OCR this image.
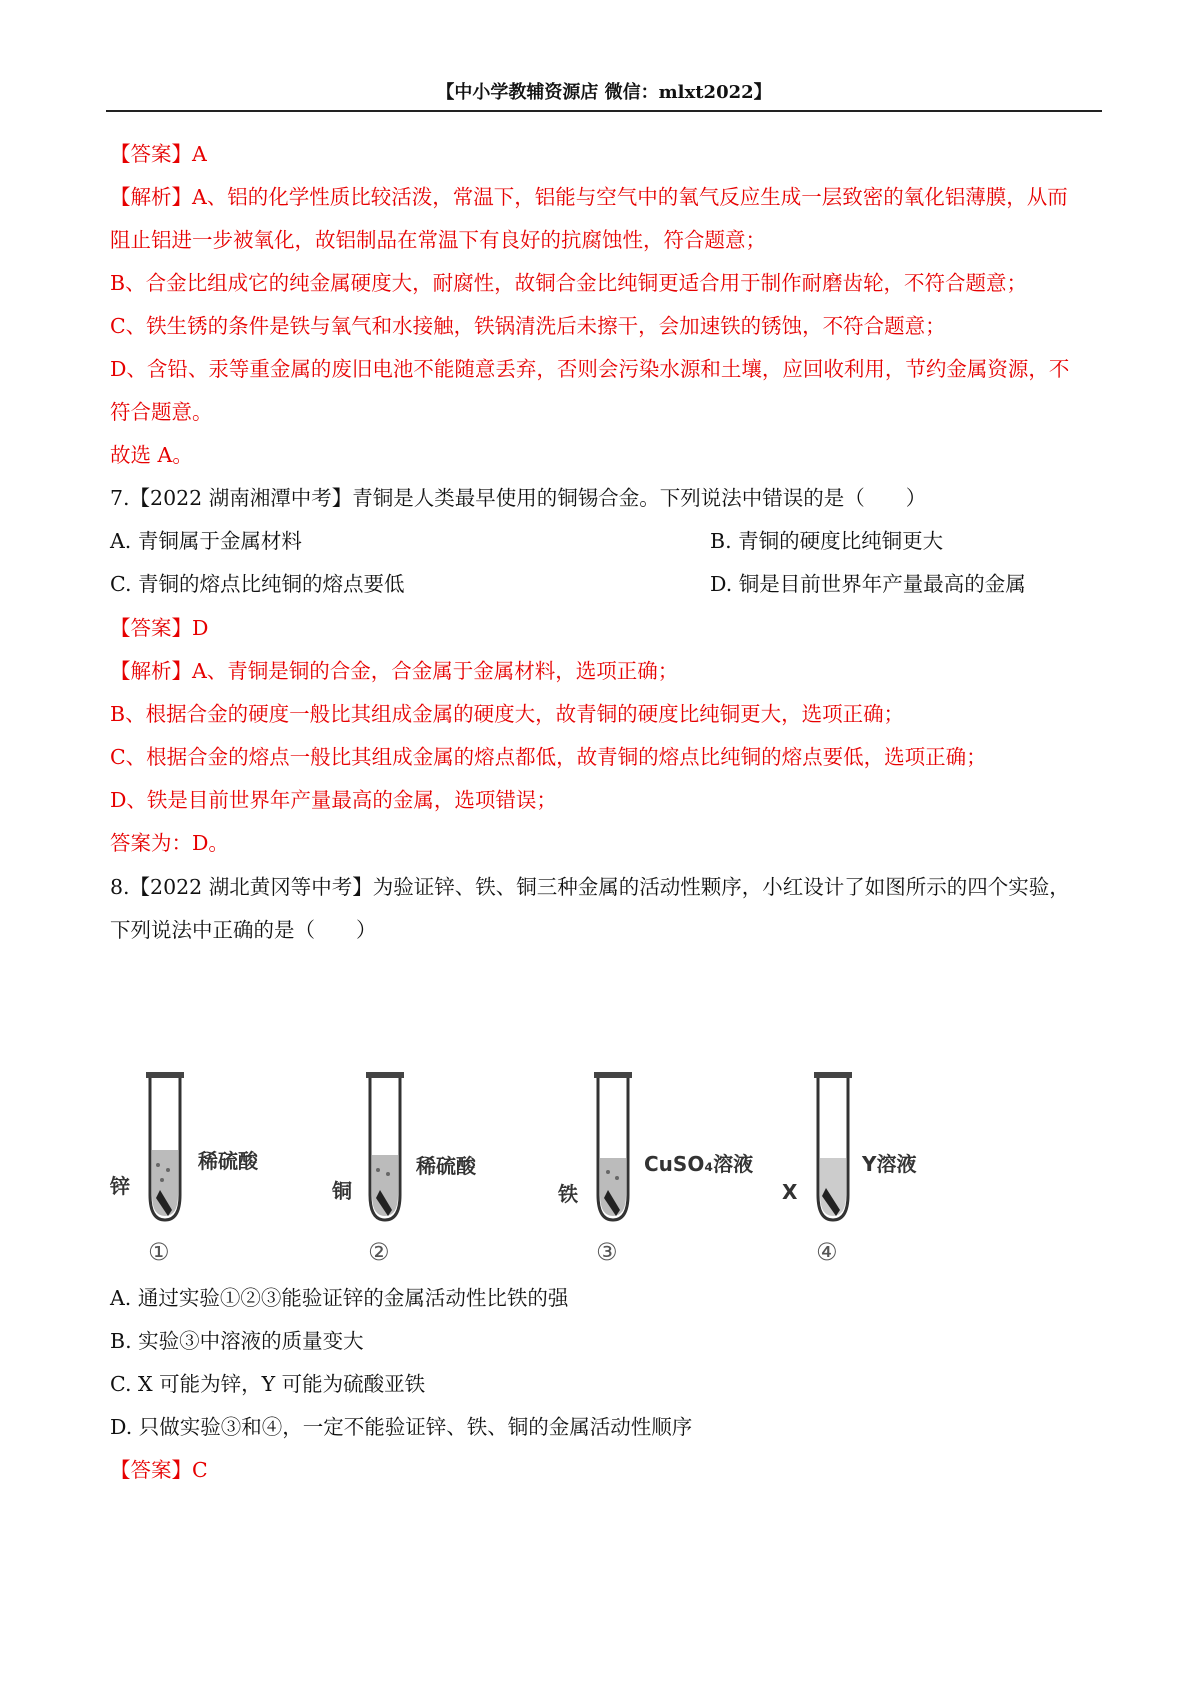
【中小学教辅资源店 微信：mlxt2022】
【答案】A
【解析】A、铝的化学性质比较活泼，常温下，铝能与空气中的氧气反应生成一层致密的氧化铝薄膜，从而
阻止铝进一步被氧化，故铝制品在常温下有良好的抗腐蚀性，符合题意；
B、合金比组成它的纯金属硬度大，耐腐性，故铜合金比纯铜更适合用于制作耐磨齿轮，不符合题意；
C、铁生锈的条件是铁与氧气和水接触，铁锅清洗后未擦干，会加速铁的锈蚀，不符合题意；
D、含铅、汞等重金属的废旧电池不能随意丢弃，否则会污染水源和土壤，应回收利用，节约金属资源，不
符合题意。
故选 A。
7.【2022 湖南湘潭中考】青铜是人类最早使用的铜锡合金。下列说法中错误的是（　　）
A. 青铜属于金属材料	B. 青铜的硬度比纯铜更大
C. 青铜的熔点比纯铜的熔点要低	D. 铜是目前世界年产量最高的金属
【答案】D
【解析】A、青铜是铜的合金，合金属于金属材料，选项正确；
B、根据合金的硬度一般比其组成金属的硬度大，故青铜的硬度比纯铜更大，选项正确；
C、根据合金的熔点一般比其组成金属的熔点都低，故青铜的熔点比纯铜的熔点要低，选项正确；
D、铁是目前世界年产量最高的金属，选项错误；
答案为：D。
8.【2022 湖北黄冈等中考】为验证锌、铁、铜三种金属的活动性颗序，小红设计了如图所示的四个实验，
下列说法中正确的是（　　）
锌
稀硫酸
①
铜
稀硫酸
②
铁
CuSO₄溶液
③
X
Y溶液
④
A. 通过实验①②③能验证锌的金属活动性比铁的强
B. 实验③中溶液的质量变大
C. X 可能为锌，Y 可能为硫酸亚铁
D. 只做实验③和④，一定不能验证锌、铁、铜的金属活动性顺序
【答案】C
